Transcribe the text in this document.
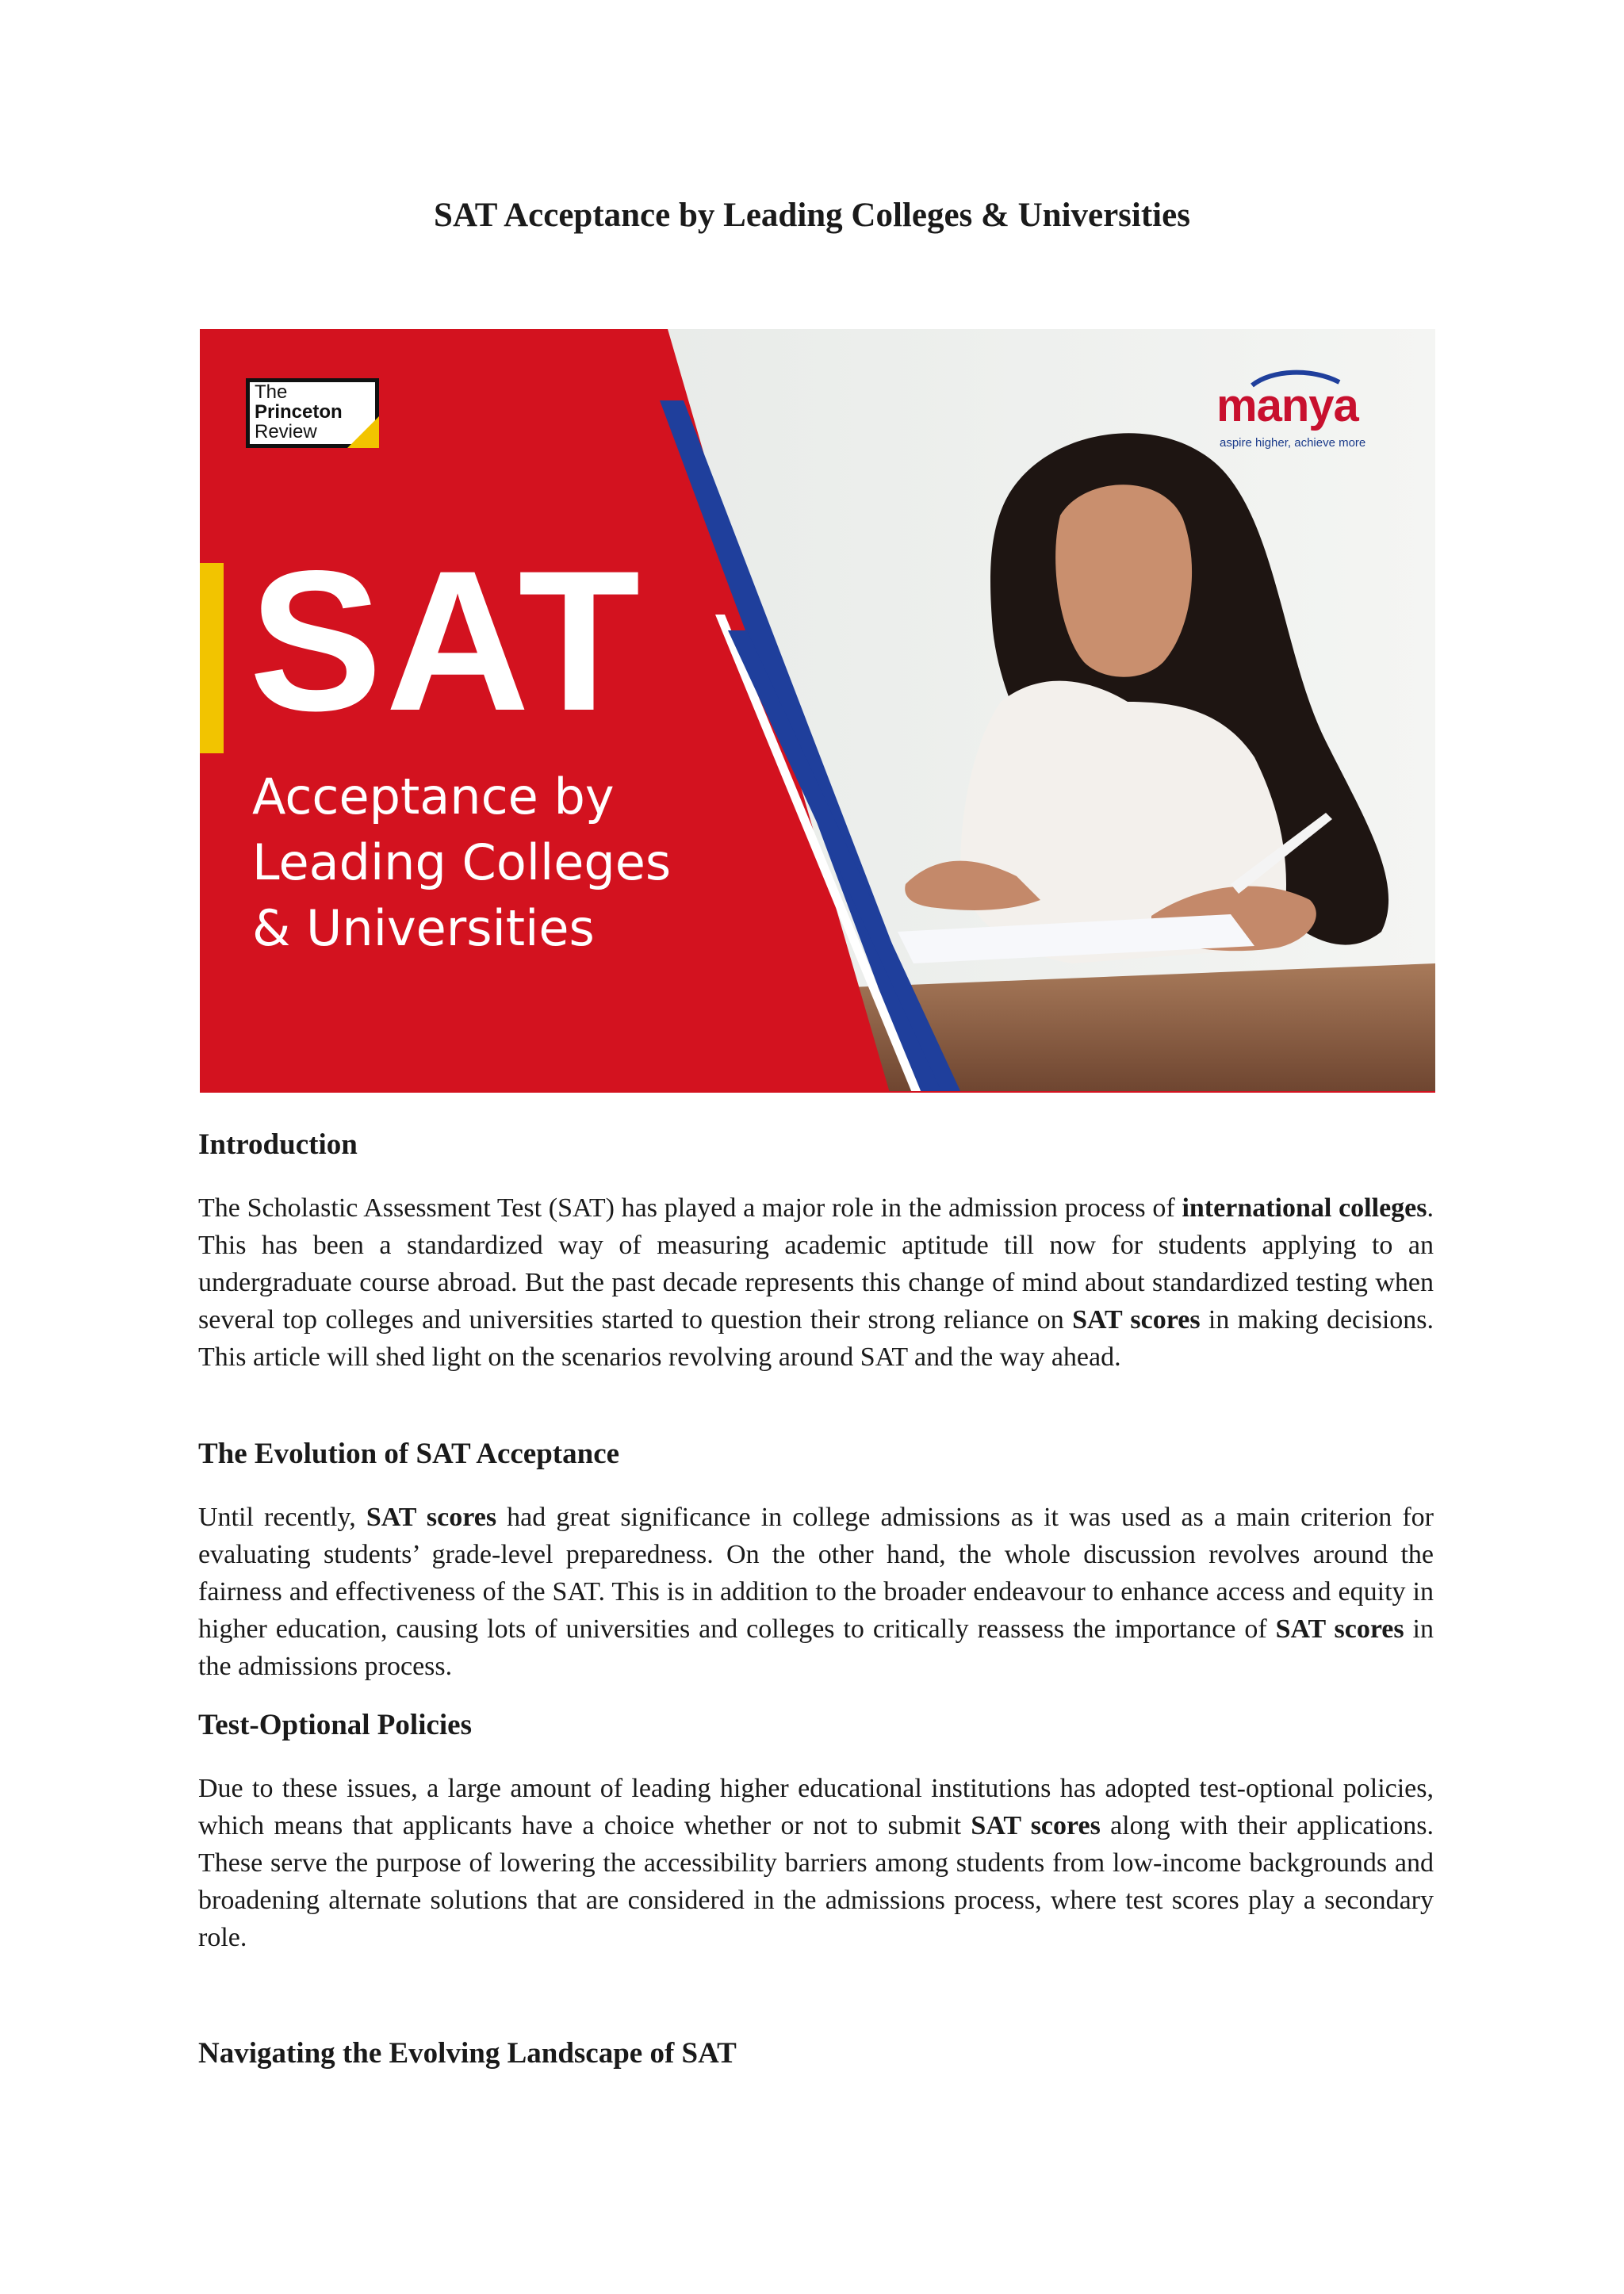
SAT Acceptance by Leading Colleges & Universities
The
Princeton
Review
SAT
Acceptance by
Leading Colleges
& Universities
manya
aspire higher, achieve more
Introduction

The Scholastic Assessment Test (SAT) has played a major role in the admission process of international colleges. This has been a standardized way of measuring academic aptitude till now for students applying to an undergraduate course abroad. But the past decade represents this change of mind about standardized testing when several top colleges and universities started to question their strong reliance on SAT scores in making decisions. This article will shed light on the scenarios revolving around SAT and the way ahead.

The Evolution of SAT Acceptance

Until recently, SAT scores had great significance in college admissions as it was used as a main criterion for evaluating students’ grade-level preparedness. On the other hand, the whole discussion revolves around the fairness and effectiveness of the SAT. This is in addition to the broader endeavour to enhance access and equity in higher education, causing lots of universities and colleges to critically reassess the importance of SAT scores in the admissions process.

Test-Optional Policies

Due to these issues, a large amount of leading higher educational institutions has adopted test-optional policies, which means that applicants have a choice whether or not to submit SAT scores along with their applications. These serve the purpose of lowering the accessibility barriers among students from low-income backgrounds and broadening alternate solutions that are considered in the admissions process, where test scores play a secondary role.

Navigating the Evolving Landscape of SAT
